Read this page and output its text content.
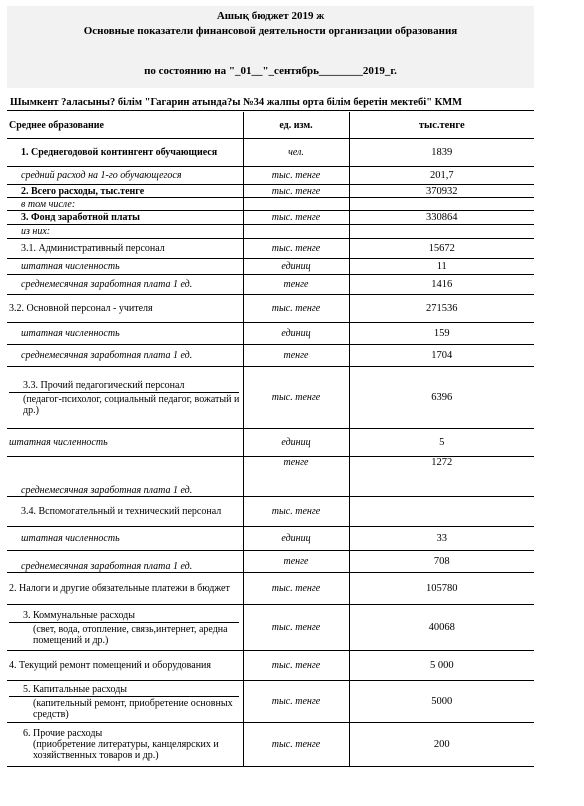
Ашық бюджет 2019 ж
Основные показатели финансовой деятельности организации образования
по состоянию на "_01__"_сентябрь________2019_г.
Шымкент ?аласыны? білім "Гагарин атында?ы №34 жалпы орта білім беретін мектебі" КММ
Среднее образование	ед. изм.	тыс.тенге
1. Среднегодовой контингент обучающиеся	чел.	1839
средний расход на 1-го обучающегося	тыс. тенге	201,7
2. Всего расходы, тыс.тенге	тыс. тенге	370932
в том числе:		
3. Фонд заработной платы	тыс. тенге	330864
из них:		
3.1. Административный персонал	тыс. тенге	15672
штатная численность	единиц	11
среднемесячная заработная плата 1 ед.	тенге	1416
3.2. Основной персонал - учителя	тыс. тенге	271536
штатная численность	единиц	159
среднемесячная заработная плата 1 ед.	тенге	1704

3.3. Прочий педагогический персонал
(педагог-психолог, социальный педагог, вожатый и др.)	тыс. тенге	6396
штатная численность	единиц	5
среднемесячная заработная плата 1 ед.	тенге	1272
3.4. Вспомогательный и технический персонал	тыс. тенге	
штатная численность	единиц	33
среднемесячная заработная плата 1 ед.	тенге	708
2. Налоги и другие обязательные платежи в бюджет	тыс. тенге	105780

3. Коммунальные расходы
(свет, вода, отопление, связь,интернет, аредна помещений и др.)	тыс. тенге	40068
4. Текущий ремонт помещений и оборудования	тыс. тенге	5 000

5. Капитальные расходы
(капительный ремонт, приобретение основных средств)	тыс. тенге	5000

6. Прочие расходы
(приобретение литературы, канцелярских и хозяйственных товаров и др.)	тыс. тенге	200
